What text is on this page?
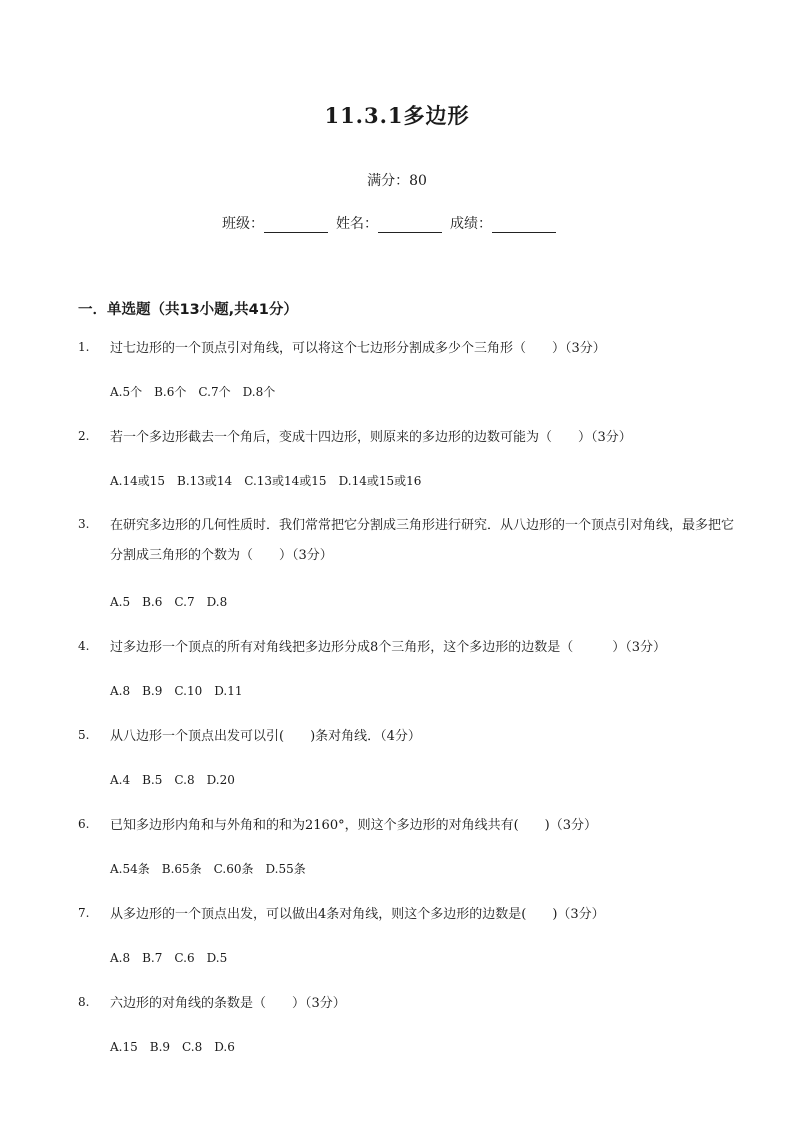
11.3.1多边形
满分：80
班级：	姓名：	成绩：
一．单选题（共13小题,共41分）
1. 过七边形的一个顶点引对角线，可以将这个七边形分割成多少个三角形（　　）（3分）
A.5个　B.6个　C.7个　D.8个
2. 若一个多边形截去一个角后，变成十四边形，则原来的多边形的边数可能为（　　）（3分）
A.14或15　B.13或14　C.13或14或15　D.14或15或16
3. 在研究多边形的几何性质时．我们常常把它分割成三角形进行研究．从八边形的一个顶点引对角线，最多把它分割成三角形的个数为（　　）（3分）
A.5　B.6　C.7　D.8
4. 过多边形一个顶点的所有对角线把多边形分成8个三角形，这个多边形的边数是（　　　）（3分）
A.8　B.9　C.10　D.11
5. 从八边形一个顶点出发可以引(　　)条对角线．（4分）
A.4　B.5　C.8　D.20
6. 已知多边形内角和与外角和的和为2160°，则这个多边形的对角线共有(　　)（3分）
A.54条　B.65条　C.60条　D.55条
7. 从多边形的一个顶点出发，可以做出4条对角线，则这个多边形的边数是(　　)（3分）
A.8　B.7　C.6　D.5
8. 六边形的对角线的条数是（　　）（3分）
A.15　B.9　C.8　D.6
